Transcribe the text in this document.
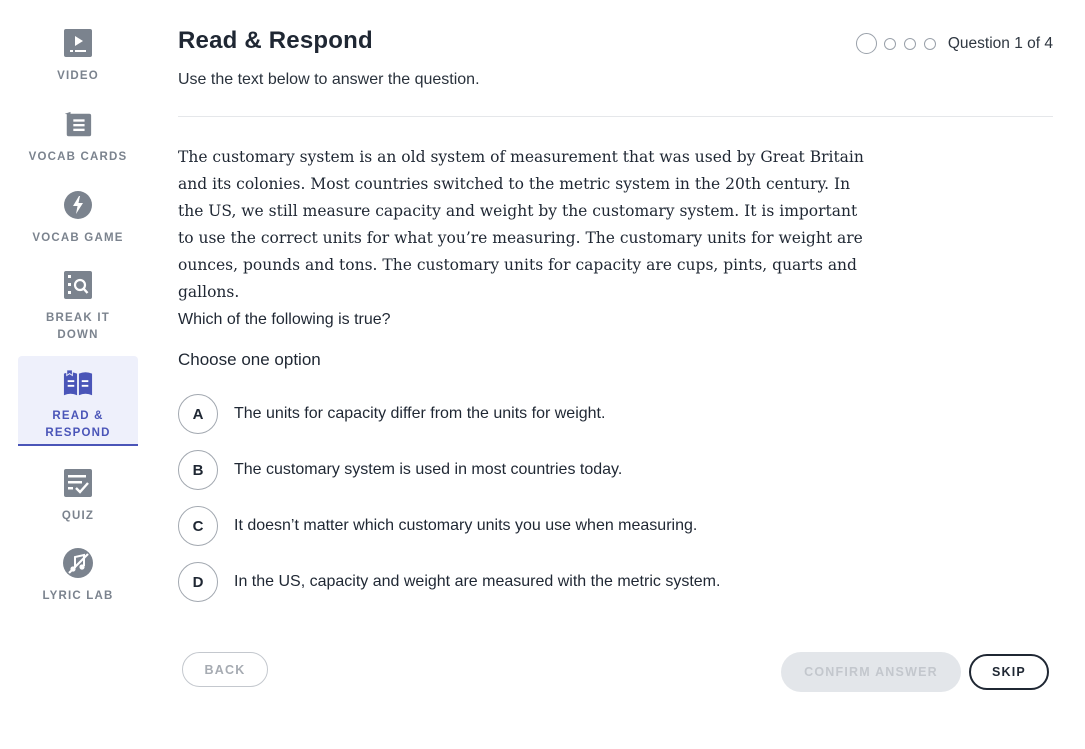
VIDEO
VOCAB CARDS
VOCAB GAME
BREAK IT DOWN
READ & RESPOND
QUIZ
LYRIC LAB
Read & Respond

Use the text below to answer the question.

Question 1 of 4

The customary system is an old system of measurement that was used by Great Britain and its colonies. Most countries switched to the metric system in the 20th century. In the US, we still measure capacity and weight by the customary system. It is important to use the correct units for what you’re measuring. The customary units for weight are ounces, pounds and tons. The customary units for capacity are cups, pints, quarts and gallons.

Which of the following is true?

Choose one option

A	The units for capacity differ from the units for weight.
B	The customary system is used in most countries today.
C	It doesn’t matter which customary units you use when measuring.
D	In the US, capacity and weight are measured with the metric system.
BACK	CONFIRM ANSWER	SKIP
